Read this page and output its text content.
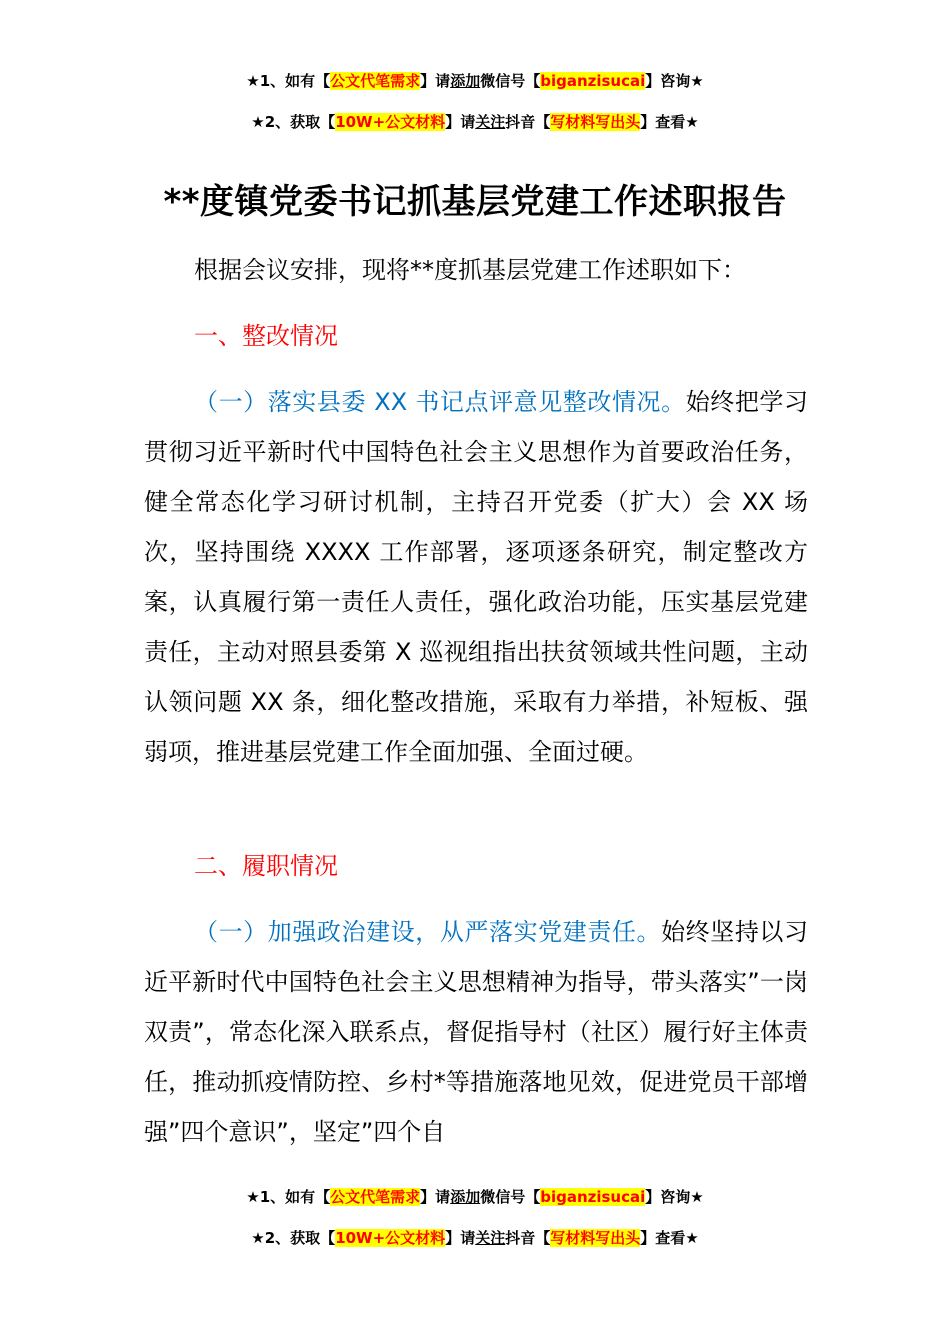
★1、如有【公文代笔需求】请添加微信号【biganzisucai】咨询★
★2、获取【10W+公文材料】请关注抖音【写材料写出头】查看★
**度镇党委书记抓基层党建工作述职报告
根据会议安排，现将**度抓基层党建工作述职如下：
一、整改情况
（一）落实县委 XX 书记点评意见整改情况。始终把学习贯彻习近平新时代中国特色社会主义思想作为首要政治任务，健全常态化学习研讨机制，主持召开党委（扩大）会 XX 场次，坚持围绕 XXXX 工作部署，逐项逐条研究，制定整改方案，认真履行第一责任人责任，强化政治功能，压实基层党建责任，主动对照县委第 X 巡视组指出扶贫领域共性问题，主动认领问题 XX 条，细化整改措施，采取有力举措，补短板、强弱项，推进基层党建工作全面加强、全面过硬。
二、履职情况
（一）加强政治建设，从严落实党建责任。始终坚持以习近平新时代中国特色社会主义思想精神为指导，带头落实”一岗双责”，常态化深入联系点，督促指导村（社区）履行好主体责任，推动抓疫情防控、乡村*等措施落地见效，促进党员干部增强”四个意识”，坚定”四个自
★1、如有【公文代笔需求】请添加微信号【biganzisucai】咨询★
★2、获取【10W+公文材料】请关注抖音【写材料写出头】查看★
